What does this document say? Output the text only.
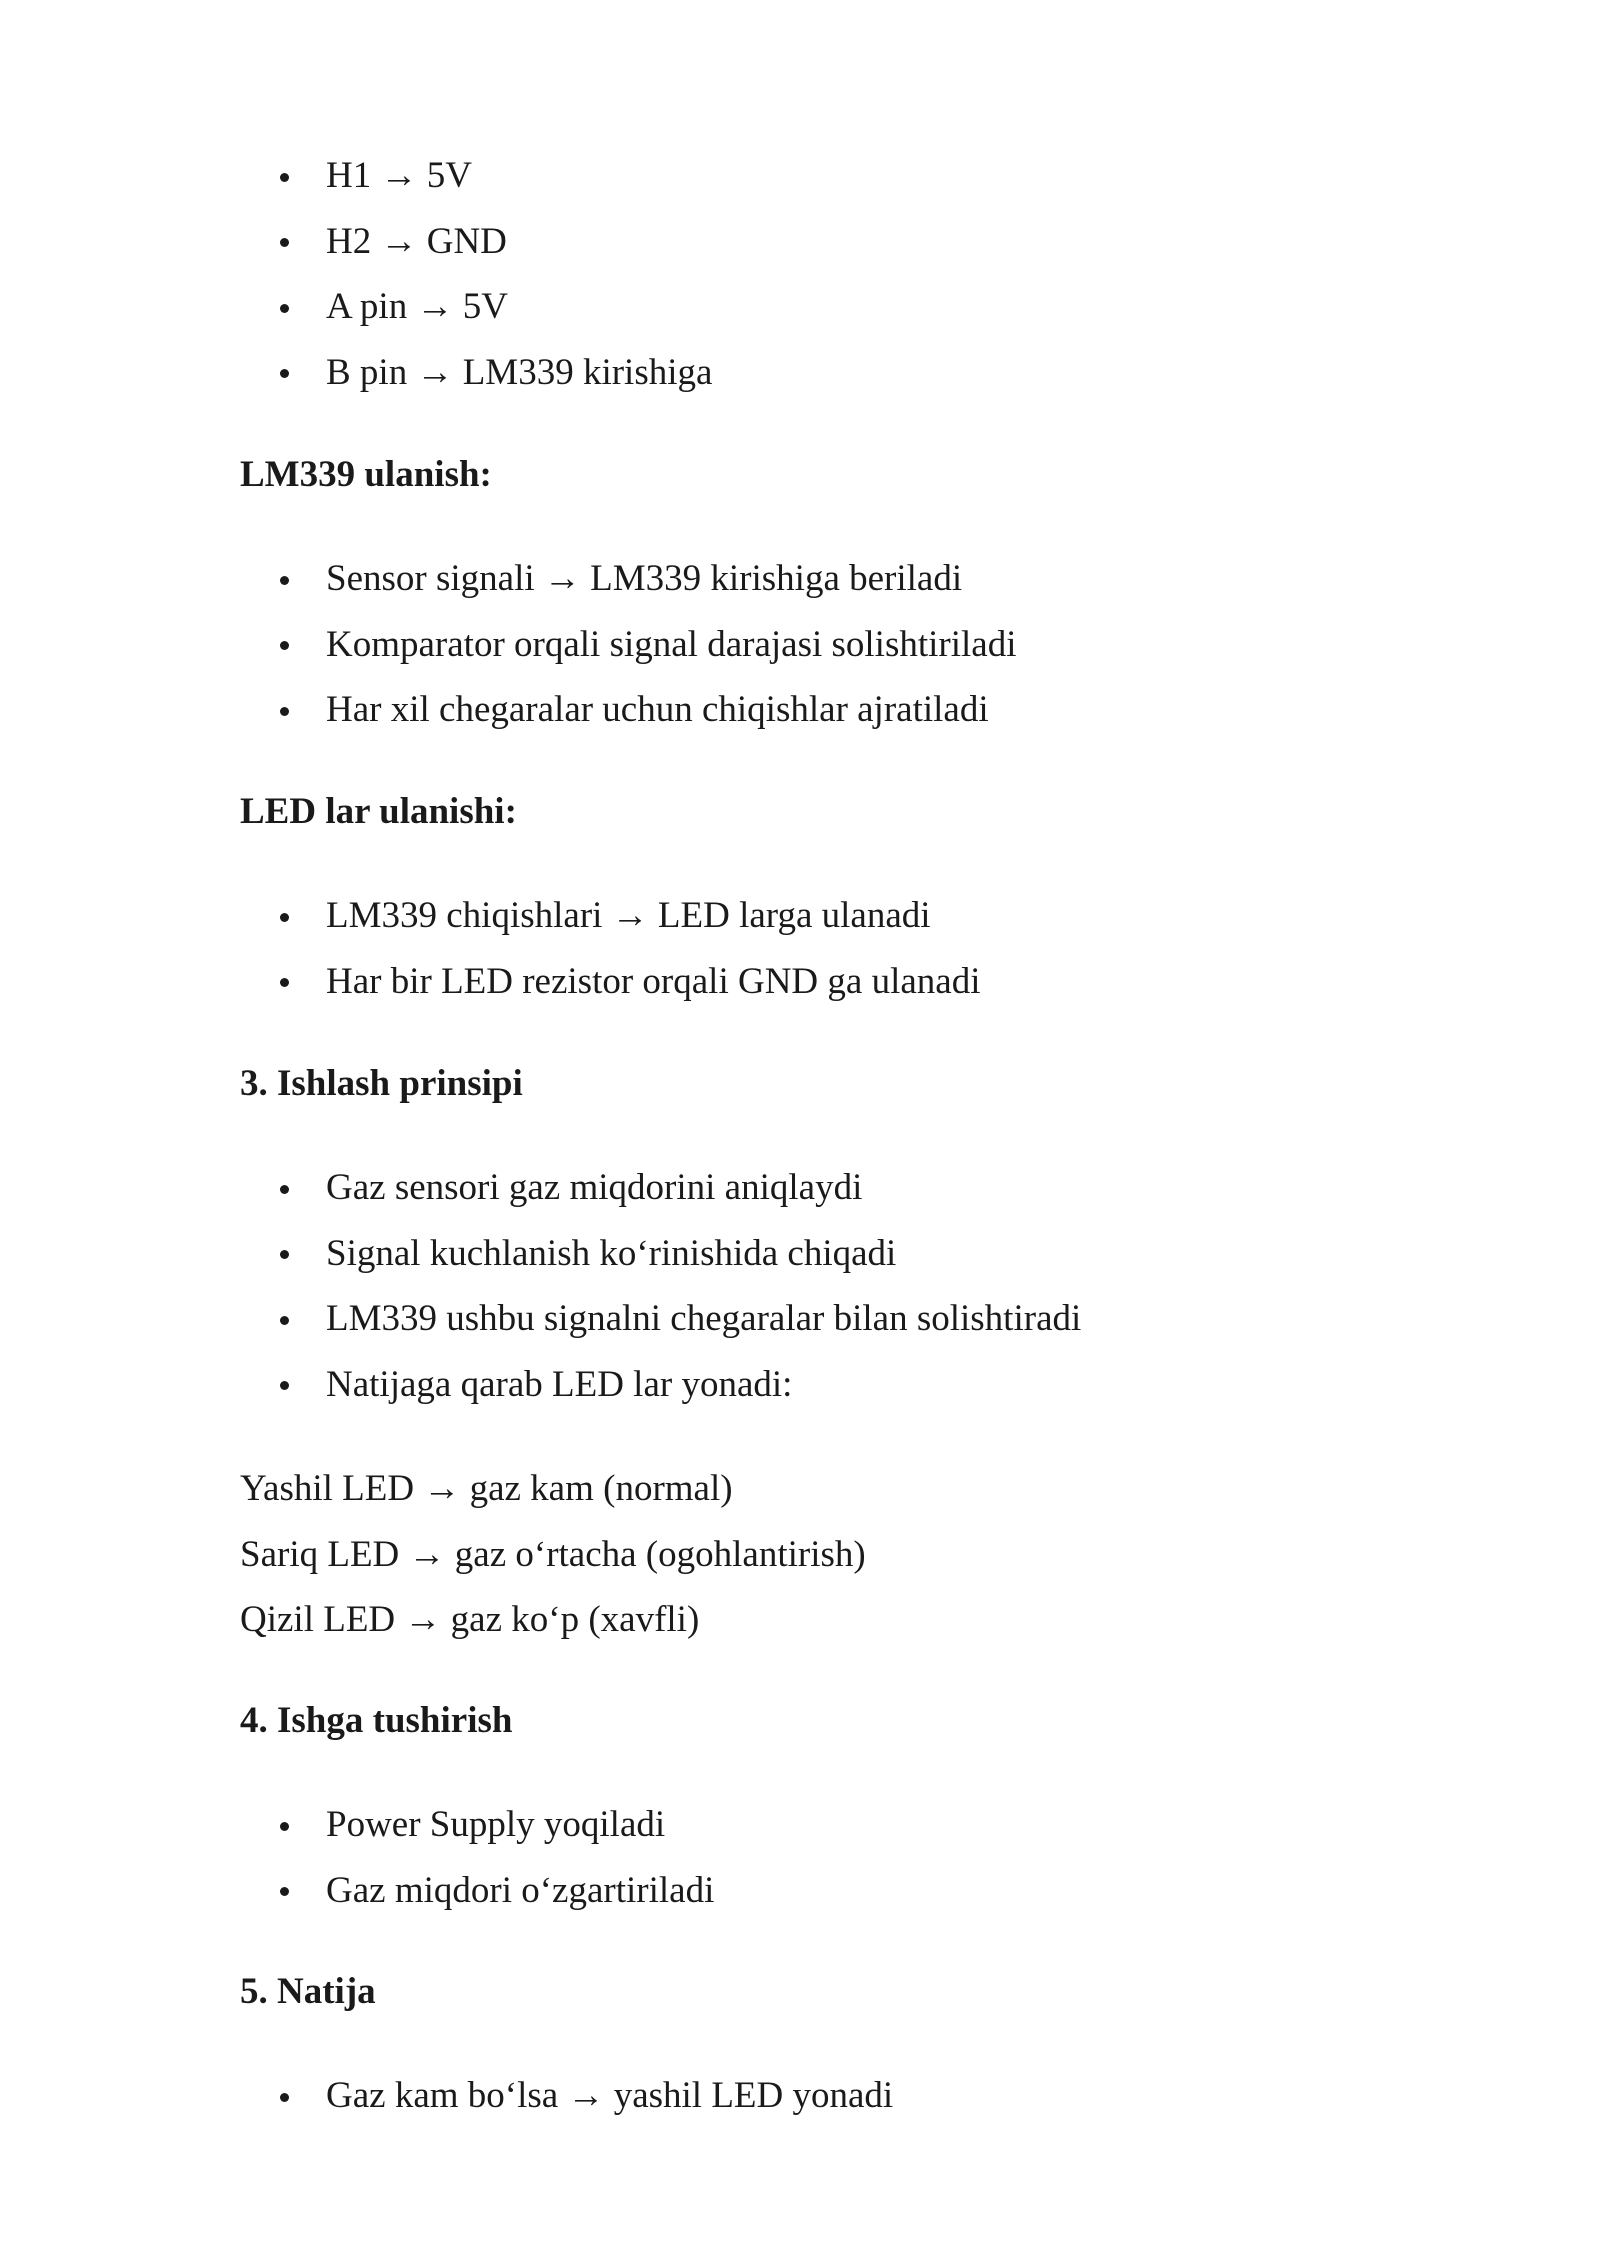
H1 → 5V
H2 → GND
A pin → 5V
B pin → LM339 kirishiga
LM339 ulanish:
Sensor signali → LM339 kirishiga beriladi
Komparator orqali signal darajasi solishtiriladi
Har xil chegaralar uchun chiqishlar ajratiladi
LED lar ulanishi:
LM339 chiqishlari → LED larga ulanadi
Har bir LED rezistor orqali GND ga ulanadi
3. Ishlash prinsipi
Gaz sensori gaz miqdorini aniqlaydi
Signal kuchlanish ko‘rinishida chiqadi
LM339 ushbu signalni chegaralar bilan solishtiradi
Natijaga qarab LED lar yonadi:

Yashil LED → gaz kam (normal)

Sariq LED → gaz o‘rtacha (ogohlantirish)

Qizil LED → gaz ko‘p (xavfli)

4. Ishga tushirish
Power Supply yoqiladi
Gaz miqdori o‘zgartiriladi
5. Natija
Gaz kam bo‘lsa → yashil LED yonadi
